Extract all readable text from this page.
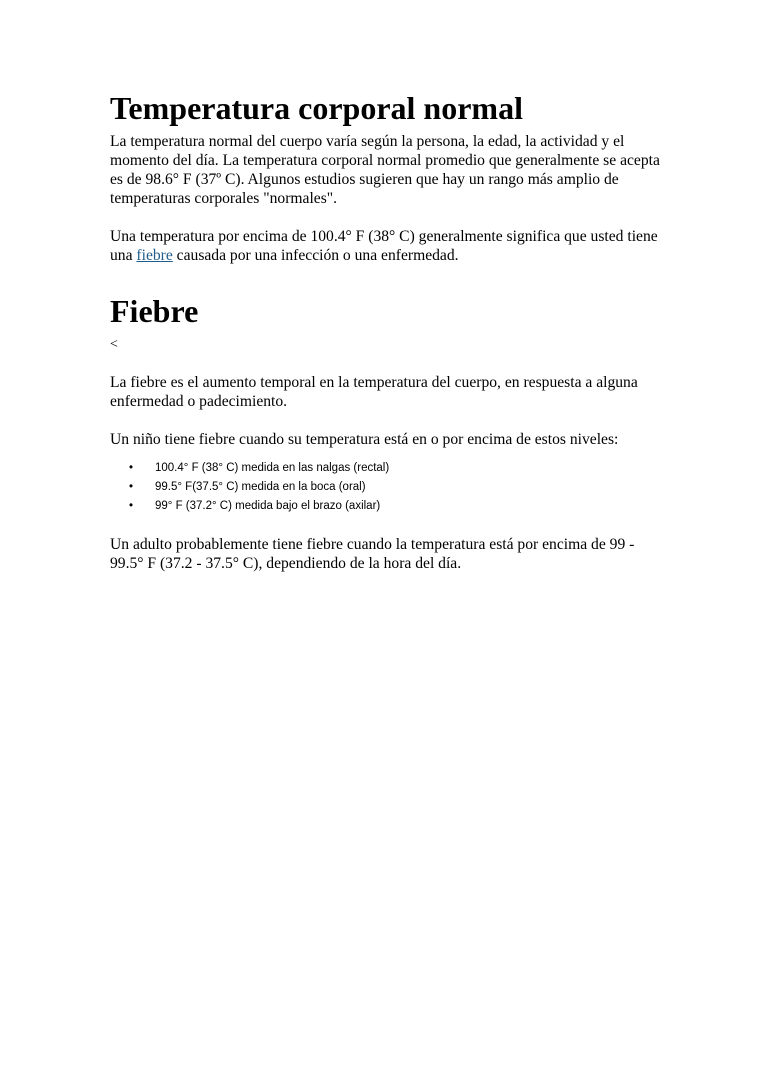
Temperatura corporal normal

La temperatura normal del cuerpo varía según la persona, la edad, la actividad y el momento del día. La temperatura corporal normal promedio que generalmente se acepta es de 98.6° F (37º C). Algunos estudios sugieren que hay un rango más amplio de temperaturas corporales "normales".

Una temperatura por encima de 100.4° F (38° C) generalmente significa que usted tiene una fiebre causada por una infección o una enfermedad.

Fiebre

<

La fiebre es el aumento temporal en la temperatura del cuerpo, en respuesta a alguna enfermedad o padecimiento.

Un niño tiene fiebre cuando su temperatura está en o por encima de estos niveles:

• 100.4° F (38° C) medida en las nalgas (rectal)
• 99.5° F(37.5° C) medida en la boca (oral)
• 99° F (37.2° C) medida bajo el brazo (axilar)

Un adulto probablemente tiene fiebre cuando la temperatura está por encima de 99 - 99.5° F (37.2 - 37.5° C), dependiendo de la hora del día.
